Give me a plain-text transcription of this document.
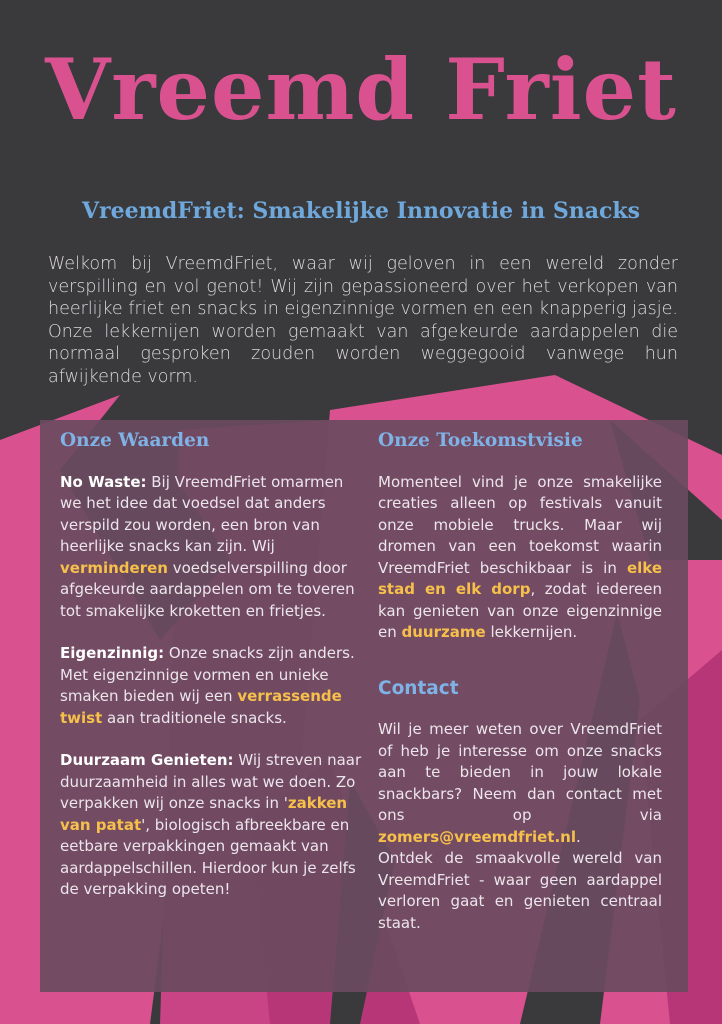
Vreemd Friet
VreemdFriet: Smakelijke Innovatie in Snacks

Welkom bij VreemdFriet, waar wij geloven in een wereld zonder verspilling en vol genot! Wij zijn gepassioneerd over het verkopen van heerlijke friet en snacks in eigenzinnige vormen en een knapperig jasje. Onze lekkernijen worden gemaakt van afgekeurde aardappelen die normaal gesproken zouden worden weggegooid vanwege hun afwijkende vorm.

Onze Waarden

No Waste: Bij VreemdFriet omarmen we het idee dat voedsel dat anders verspild zou worden, een bron van heerlijke snacks kan zijn. Wij verminderen voedselverspilling door afgekeurde aardappelen om te toveren tot smakelijke kroketten en frietjes.

Eigenzinnig: Onze snacks zijn anders. Met eigenzinnige vormen en unieke smaken bieden wij een verrassende twist aan traditionele snacks.

Duurzaam Genieten: Wij streven naar duurzaamheid in alles wat we doen. Zo verpakken wij onze snacks in 'zakken van patat', biologisch afbreekbare en eetbare verpakkingen gemaakt van aardappelschillen. Hierdoor kun je zelfs de verpakking opeten!

Onze Toekomstvisie

Momenteel vind je onze smakelijke creaties alleen op festivals vanuit onze mobiele trucks. Maar wij dromen van een toekomst waarin VreemdFriet beschikbaar is in elke stad en elk dorp, zodat iedereen kan genieten van onze eigenzinnige en duurzame lekkernijen.

Contact

Wil je meer weten over VreemdFriet of heb je interesse om onze snacks aan te bieden in jouw lokale snackbars? Neem dan contact met ons op via zomers@vreemdfriet.nl.

Ontdek de smaakvolle wereld van VreemdFriet - waar geen aardappel verloren gaat en genieten centraal staat.
